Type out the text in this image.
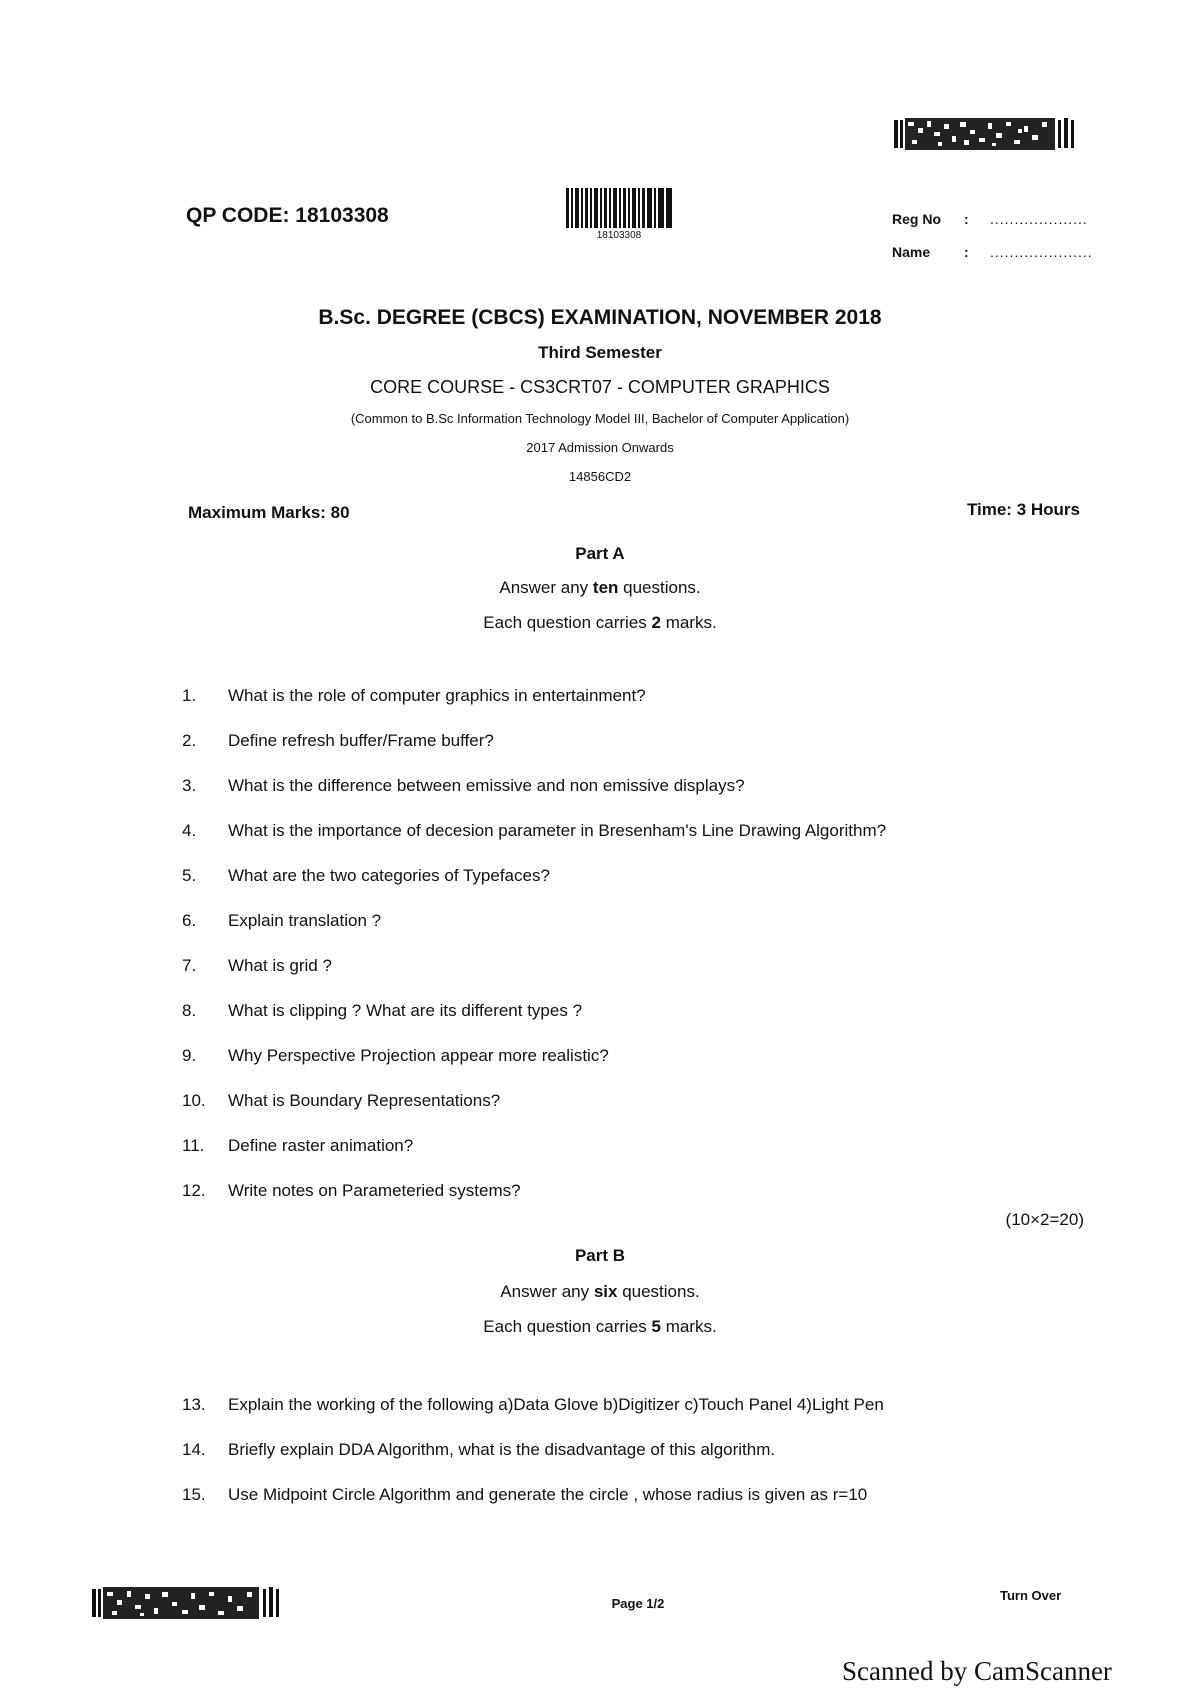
QP CODE: 18103308
18103308
Reg No : ....................
Name : .....................
B.Sc. DEGREE (CBCS) EXAMINATION, NOVEMBER 2018
Third Semester
CORE COURSE - CS3CRT07 - COMPUTER GRAPHICS
(Common to B.Sc Information Technology Model III, Bachelor of Computer Application)
2017 Admission Onwards
14856CD2
Maximum Marks: 80	Time: 3 Hours
Part A
Answer any ten questions.
Each question carries 2 marks.
1. What is the role of computer graphics in entertainment?
2. Define refresh buffer/Frame buffer?
3. What is the difference between emissive and non emissive displays?
4. What is the importance of decesion parameter in Bresenham's Line Drawing Algorithm?
5. What are the two categories of Typefaces?
6. Explain translation ?
7. What is grid ?
8. What is clipping ? What are its different types ?
9. Why Perspective Projection appear more realistic?
10. What is Boundary Representations?
11. Define raster animation?
12. Write notes on Parameteried systems?
(10×2=20)
Part B
Answer any six questions.
Each question carries 5 marks.
13. Explain the working of the following a)Data Glove b)Digitizer c)Touch Panel 4)Light Pen
14. Briefly explain DDA Algorithm, what is the disadvantage of this algorithm.
15. Use Midpoint Circle Algorithm and generate the circle , whose radius is given as r=10
Page 1/2
Turn Over
Scanned by CamScanner
